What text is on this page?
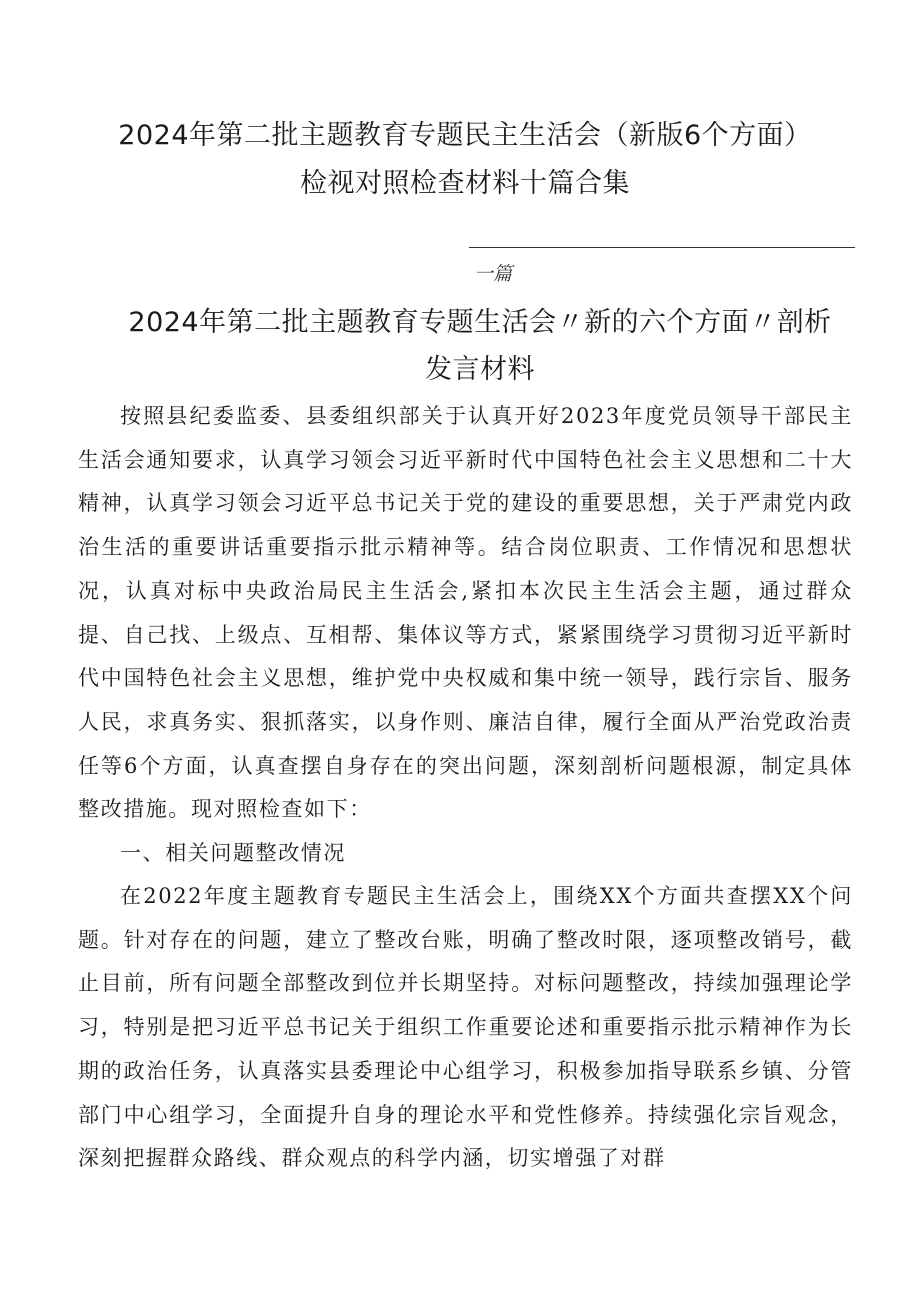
2024年第二批主题教育专题民主生活会（新版6个方面）
检视对照检查材料十篇合集
一篇
2024年第二批主题教育专题生活会〃新的六个方面〃剖析
发言材料

按照县纪委监委、县委组织部关于认真开好2023年度党员领导干部民主生活会通知要求，认真学习领会习近平新时代中国特色社会主义思想和二十大精神，认真学习领会习近平总书记关于党的建设的重要思想，关于严肃党内政治生活的重要讲话重要指示批示精神等。结合岗位职责、工作情况和思想状况，认真对标中央政治局民主生活会,紧扣本次民主生活会主题，通过群众提、自己找、上级点、互相帮、集体议等方式，紧紧围绕学习贯彻习近平新时代中国特色社会主义思想，维护党中央权威和集中统一领导，践行宗旨、服务人民，求真务实、狠抓落实，以身作则、廉洁自律，履行全面从严治党政治责任等6个方面，认真查摆自身存在的突出问题，深刻剖析问题根源，制定具体整改措施。现对照检查如下：

一、相关问题整改情况

在2022年度主题教育专题民主生活会上，围绕XX个方面共查摆XX个问题。针对存在的问题，建立了整改台账，明确了整改时限，逐项整改销号，截止目前，所有问题全部整改到位并长期坚持。对标问题整改，持续加强理论学习，特别是把习近平总书记关于组织工作重要论述和重要指示批示精神作为长期的政治任务，认真落实县委理论中心组学习，积极参加指导联系乡镇、分管部门中心组学习，全面提升自身的理论水平和党性修养。持续强化宗旨观念，深刻把握群众路线、群众观点的科学内涵，切实增强了对群
